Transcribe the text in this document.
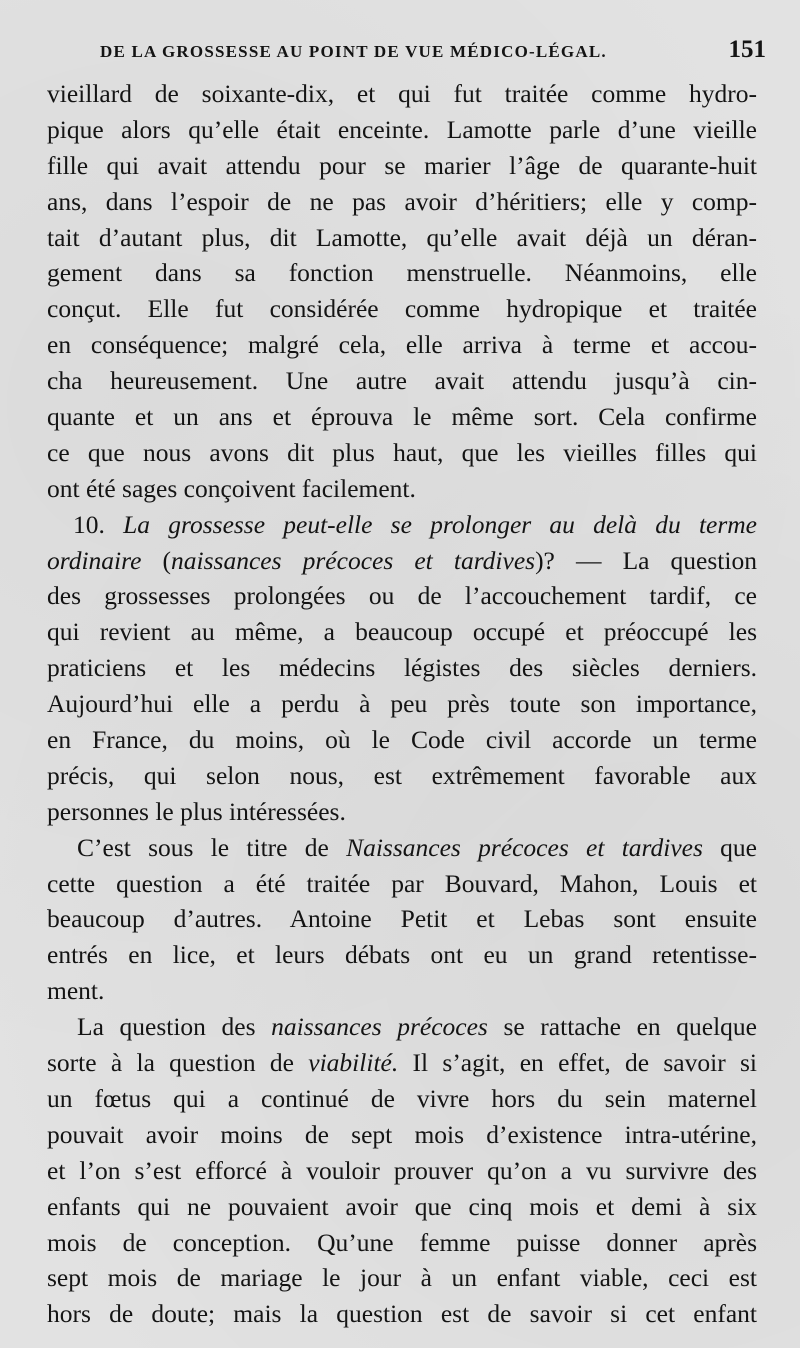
DE LA GROSSESSE AU POINT DE VUE MÉDICO-LÉGAL.	151
vieillard de soixante-dix, et qui fut traitée comme hydro-
pique alors qu’elle était enceinte. Lamotte parle d’une vieille
fille qui avait attendu pour se marier l’âge de quarante-huit
ans, dans l’espoir de ne pas avoir d’héritiers; elle y comp-
tait d’autant plus, dit Lamotte, qu’elle avait déjà un déran-
gement dans sa fonction menstruelle. Néanmoins, elle
conçut. Elle fut considérée comme hydropique et traitée
en conséquence; malgré cela, elle arriva à terme et accou-
cha heureusement. Une autre avait attendu jusqu’à cin-
quante et un ans et éprouva le même sort. Cela confirme
ce que nous avons dit plus haut, que les vieilles filles qui
ont été sages conçoivent facilement.
10. La grossesse peut-elle se prolonger au delà du terme
ordinaire (naissances précoces et tardives)? — La question
des grossesses prolongées ou de l’accouchement tardif, ce
qui revient au même, a beaucoup occupé et préoccupé les
praticiens et les médecins légistes des siècles derniers.
Aujourd’hui elle a perdu à peu près toute son importance,
en France, du moins, où le Code civil accorde un terme
précis, qui selon nous, est extrêmement favorable aux
personnes le plus intéressées.
C’est sous le titre de Naissances précoces et tardives que
cette question a été traitée par Bouvard, Mahon, Louis et
beaucoup d’autres. Antoine Petit et Lebas sont ensuite
entrés en lice, et leurs débats ont eu un grand retentisse-
ment.
La question des naissances précoces se rattache en quelque
sorte à la question de viabilité. Il s’agit, en effet, de savoir si
un fœtus qui a continué de vivre hors du sein maternel
pouvait avoir moins de sept mois d’existence intra-utérine,
et l’on s’est efforcé à vouloir prouver qu’on a vu survivre des
enfants qui ne pouvaient avoir que cinq mois et demi à six
mois de conception. Qu’une femme puisse donner après
sept mois de mariage le jour à un enfant viable, ceci est
hors de doute; mais la question est de savoir si cet enfant
